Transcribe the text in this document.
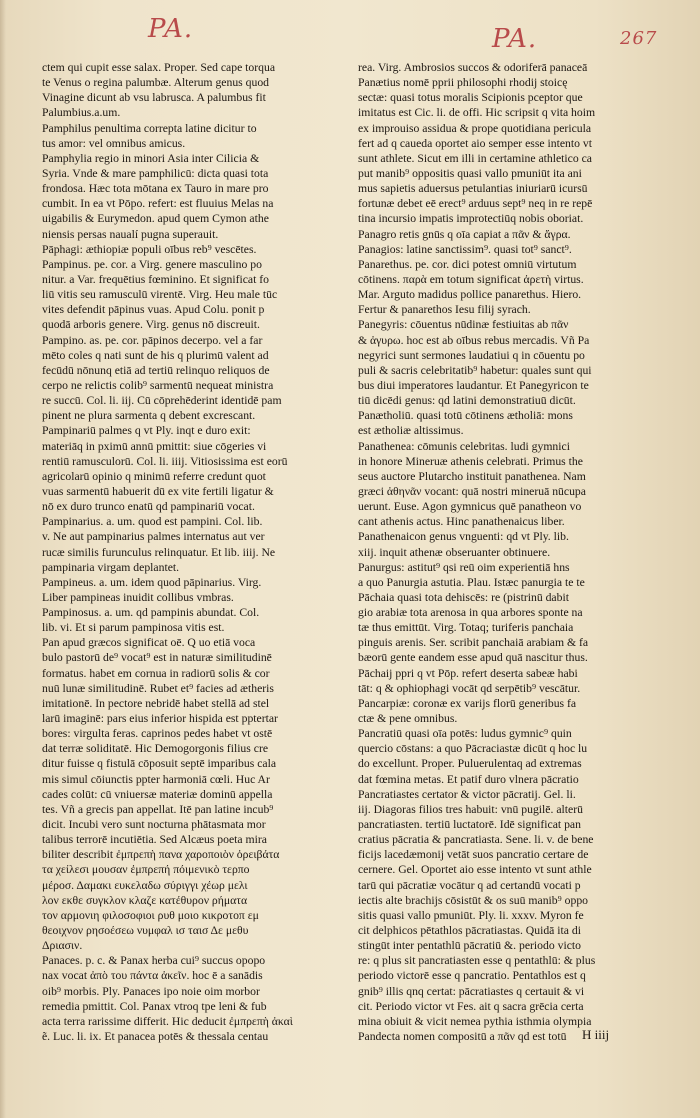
PA.	PA.	267
ctem qui cupit esse salax. Proper. Sed cape torqua
te Venus o regina palumbæ. Alterum genus quod
Vinagine dicunt ab vsu labrusca. A palumbus fit
Palumbius.a.um.
Pamphilus penultima correpta latine dicitur to
tus amor: vel omnibus amicus.
Pamphylia regio in minori Asia inter Cilicia &
Syria. Vnde & mare pamphilicū: dicta quasi tota
frondosa. Hæc tota mōtana ex Tauro in mare pro
cumbit. In ea vt Pōpo. refert: est fluuius Melas na
uigabilis & Eurymedon. apud quem Cymon athe
niensis persas naualí pugna superauit.
Pāphagi: æthiopiæ populi oībus reb⁹ vescētes.
Pampinus. pe. cor. a Virg. genere masculino po
nitur. a Var. frequētius fœminino. Et significat fo
liū vitis seu ramusculū virentē. Virg. Heu male tūc
vites defendit pāpinus vuas. Apud Colu. ponit p
quodā arboris genere. Virg. genus nō discreuit.
Pampino. as. pe. cor. pāpinos decerpo. vel a far
mēto coles q nati sunt de his q plurimū valent ad
fecūdū nōnunq etiā ad tertiū relinquo reliquos de
cerpo ne relictis colib⁹ sarmentū nequeat ministra
re succū. Col. li. iij. Cū cōprehēderint identidē pam
pinent ne plura sarmenta q debent excrescant.
Pampinariū palmes q vt Ply. inqt e duro exit:
materiāq in pximū annū pmittit: siue cōgeries vi
rentiū ramusculorū. Col. li. iiij. Vitiosissima est eorū
agricolarū opinio q minimū referre credunt quot
vuas sarmentū habuerit dū ex vite fertili ligatur &
nō ex duro trunco enatū qd pampinariū vocat.
Pampinarius. a. um. quod est pampini. Col. lib.
v. Ne aut pampinarius palmes internatus aut ver
rucæ similis furunculus relinquatur. Et lib. iiij. Ne
pampinaria virgam deplantet.
Pampineus. a. um. idem quod pāpinarius. Virg.
Liber pampineas inuidit collibus vmbras.
Pampinosus. a. um. qd pampinis abundat. Col.
lib. vi. Et si parum pampinosa vitis est.
Pan apud græcos significat oē. Q uo etiā voca
bulo pastorū de⁹ vocat⁹ est in naturæ similitudinē
formatus. habet em cornua in radiorū solis & cor
nuū lunæ similitudinē. Rubet et⁹ facies ad ætheris
imitationē. In pectore nebridē habet stellā ad stel
larū imaginē: pars eius inferior hispida est pptertar
bores: virgulta feras. caprinos pedes habet vt ostē
dat terræ soliditatē. Hic Demogorgonis filius cre
ditur fuisse q fistulā cōposuit septē imparibus cala
mis simul cōiunctis ppter harmoniā cœli. Huc Ar
cades colūt: cū vniuersæ materiæ dominū appella
tes. Vñ a grecis pan appellat. Itē pan latine incub⁹
dicit. Incubi vero sunt nocturna phātasmata mor
talibus terrorē incutiētia. Sed Alcæus poeta mira
biliter describit ἐμπρεπὴ πανα χαροποιὸν ὀρειβάτα
τα χείλεσι μουσαν ἐμπρεπή πόιμενικὸ τερπο
μέροσ. Δαμακι ευκελαδω σύριγγι χέωρ μελι
λον εκθε συγκλον κλαζε κατέθυρον ρήματα
τον αρμονιη φιλοσοφιοι ρυθ μοιο κικροτοπ εμ
θεοιχνον ρησοέσεω νυμφαλ ισ ταισ Δε μεθυ
Δριασιν.
Panaces. p. c. & Panax herba cui⁹ succus opopo
nax vocat ἀπὸ του πάντα ἀκεῖν. hoc ē a sanādis
oib⁹ morbis. Ply. Panaces ipo noie oim morbor
remedia pmittit. Col. Panax vtroq tpe leni & fub
acta terra rarissime differit. Hic deducit ἐμπρεπὴ ἀκαὶ
ẽ. Luc. li. ix. Et panacea potēs & thessala centau
rea. Virg. Ambrosios succos & odoriferā panaceā
Panætius nomē pprii philosophi rhodij stoicę
sectæ: quasi totus moralis Scipionis pceptor que
imitatus est Cic. li. de offi. Hic scripsit q vita hoim
ex improuiso assidua & prope quotidiana pericula
fert ad q caueda oportet aio semper esse intento vt
sunt athlete. Sicut em illi in certamine athletico ca
put manib⁹ oppositis quasi vallo pmuniūt ita ani
mus sapietis aduersus petulantias iniuriarū icursū
fortunæ debet eē erect⁹ arduus sept⁹ neq in re repē
tina incursio impatis improtectiūq nobis oboriat.
Panagro retis gnūs q oīa capiat a πᾶν & ἄγρα.
Panagios: latine sanctissim⁹. quasi tot⁹ sanct⁹.
Panarethus. pe. cor. dici potest omniū virtutum
cōtinens. παρὰ em totum significat ἀρετὴ virtus.
Mar. Arguto madidus pollice panarethus. Hiero.
Fertur & panarethos Iesu filij syrach.
Panegyris: cōuentus nūdinæ festiuitas ab πᾶν
& ἀγυρω. hoc est ab oībus rebus mercadis. Vñ Pa
negyrici sunt sermones laudatiui q in cōuentu po
puli & sacris celebritatib⁹ habetur: quales sunt qui
bus diui imperatores laudantur. Et Panegyricon te
tiū dicēdi genus: qd latini demonstratiuū dicūt.
Panætholiū. quasi totū cōtinens ætholiā: mons
est ætholiæ altissimus.
Panathenea: cōmunis celebritas. ludi gymnici
in honore Mineruæ athenis celebrati. Primus the
seus auctore Plutarcho instituit panathenea. Nam
græci ἀθηνᾶν vocant: quā nostri mineruā nūcupa
uerunt. Euse. Agon gymnicus quē panatheon vo
cant athenis actus. Hinc panathenaicus liber.
Panathenaicon genus vnguenti: qd vt Ply. lib.
xiij. inquit athenæ obseruanter obtinuere.
Panurgus: astitut⁹ qsi reū oim experientiā hns
a quo Panurgia astutia. Plau. Istæc panurgia te te
Pāchaia quasi tota dehiscēs: re (pistrinū dabit
gio arabiæ tota arenosa in qua arbores sponte na
tæ thus emittūt. Virg. Totaq; turiferis panchaia
pinguis arenis. Ser. scribit panchaiā arabiam & fa
bæorū gente eandem esse apud quā nascitur thus.
Pāchaij ppri q vt Pōp. refert deserta sabeæ habi
tāt: q & ophiophagi vocāt qd serpētib⁹ vescātur.
Pancarpiæ: coronæ ex varijs florū generibus fa
ctæ & pene omnibus.
Pancratiū quasi oīa potēs: ludus gymnic⁹ quin
quercio cōstans: a quo Pācraciastæ dicūt q hoc lu
do excellunt. Proper. Puluerulentaq ad extremas
dat fœmina metas. Et patif duro vlnera pācratio
Pancratiastes certator & victor pācratij. Gel. li.
iij. Diagoras filios tres habuit: vnū pugilē. alterū
pancratiasten. tertiū luctatorē. Idē significat pan
cratius pācratia & pancratiasta. Sene. li. v. de bene
ficijs lacedæmonij vetāt suos pancratio certare de
cernere. Gel. Oportet aio esse intento vt sunt athle
tarū qui pācratiæ vocātur q ad certandū vocati p
iectis alte brachijs cōsistūt & os suū manib⁹ oppo
sitis quasi vallo pmuniūt. Ply. li. xxxv. Myron fe
cit delphicos pētathlos pācratiastas. Quidā ita di
stingūt inter pentathlū pācratiū &. periodo victo
re: q plus sit pancratiasten esse q pentathlū: & plus
periodo victorē esse q pancratio. Pentathlos est q
gnib⁹ illis qnq certat: pācratiastes q certauit & vi
cit. Periodo victor vt Fes. ait q sacra grēcia certa
mina obiuit & vicit nemea pythia isthmia olympia
Pandecta nomen compositū a πᾶν qd est totū	H iiij
